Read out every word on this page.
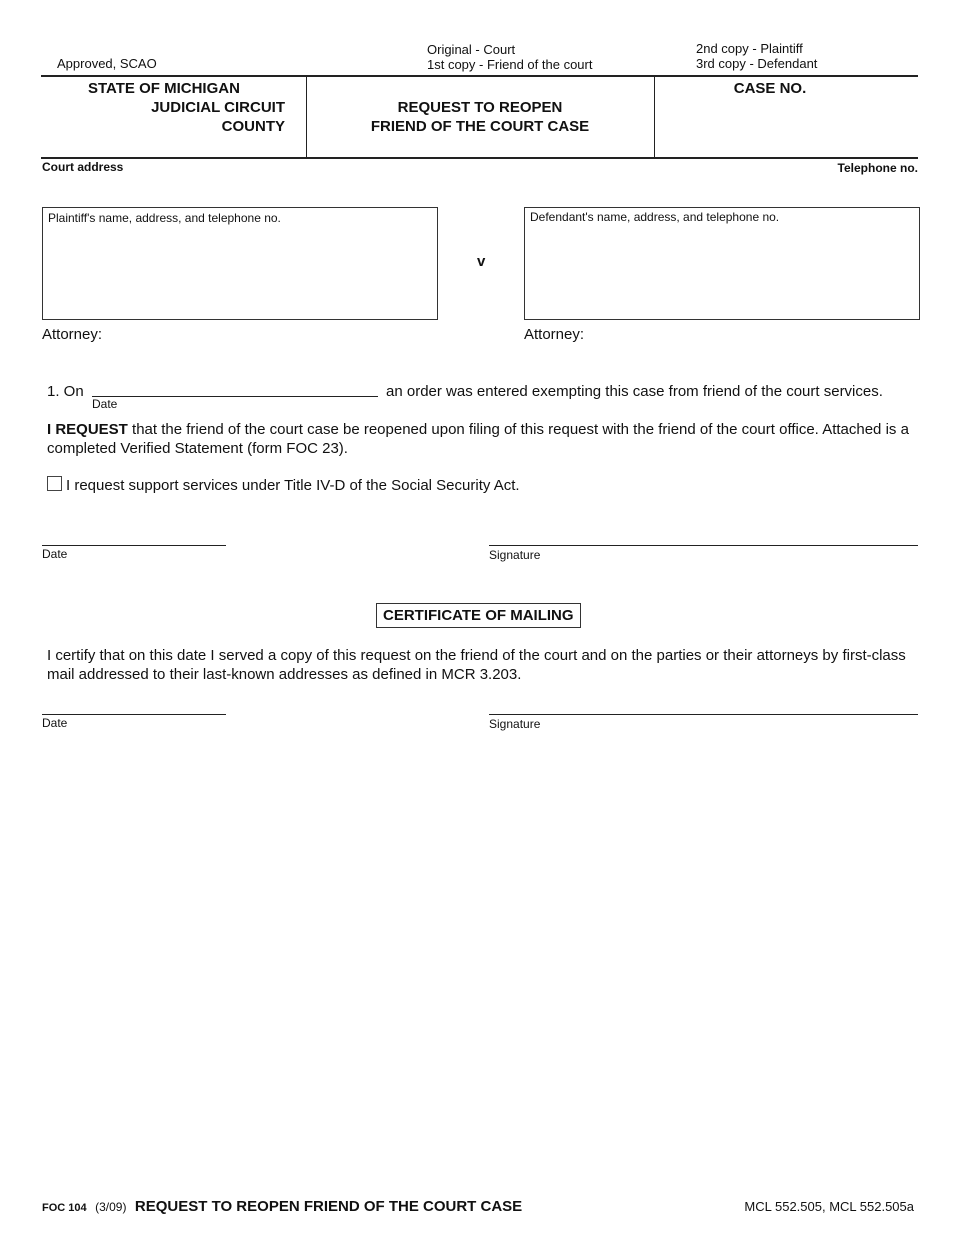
Approved, SCAO
Original - Court
1st copy - Friend of the court
2nd copy - Plaintiff
3rd copy - Defendant
STATE OF MICHIGAN
JUDICIAL CIRCUIT
COUNTY
REQUEST TO REOPEN
FRIEND OF THE COURT CASE
CASE NO.
Court address	Telephone no.
Plaintiff's name, address, and telephone no.
v
Defendant's name, address, and telephone no.
Attorney:	Attorney:
1. On
Date
an order was entered exempting this case from friend of the court services.
I REQUEST that the friend of the court case be reopened upon filing of this request with the friend of the court office. Attached is a completed Verified Statement (form FOC 23).
I request support services under Title IV-D of the Social Security Act.
Date	Signature
CERTIFICATE OF MAILING
I certify that on this date I served a copy of this request on the friend of the court and on the parties or their attorneys by first-class mail addressed to their last-known addresses as defined in MCR 3.203.
Date	Signature
FOC 104 (3/09) REQUEST TO REOPEN FRIEND OF THE COURT CASE	MCL 552.505, MCL 552.505a
